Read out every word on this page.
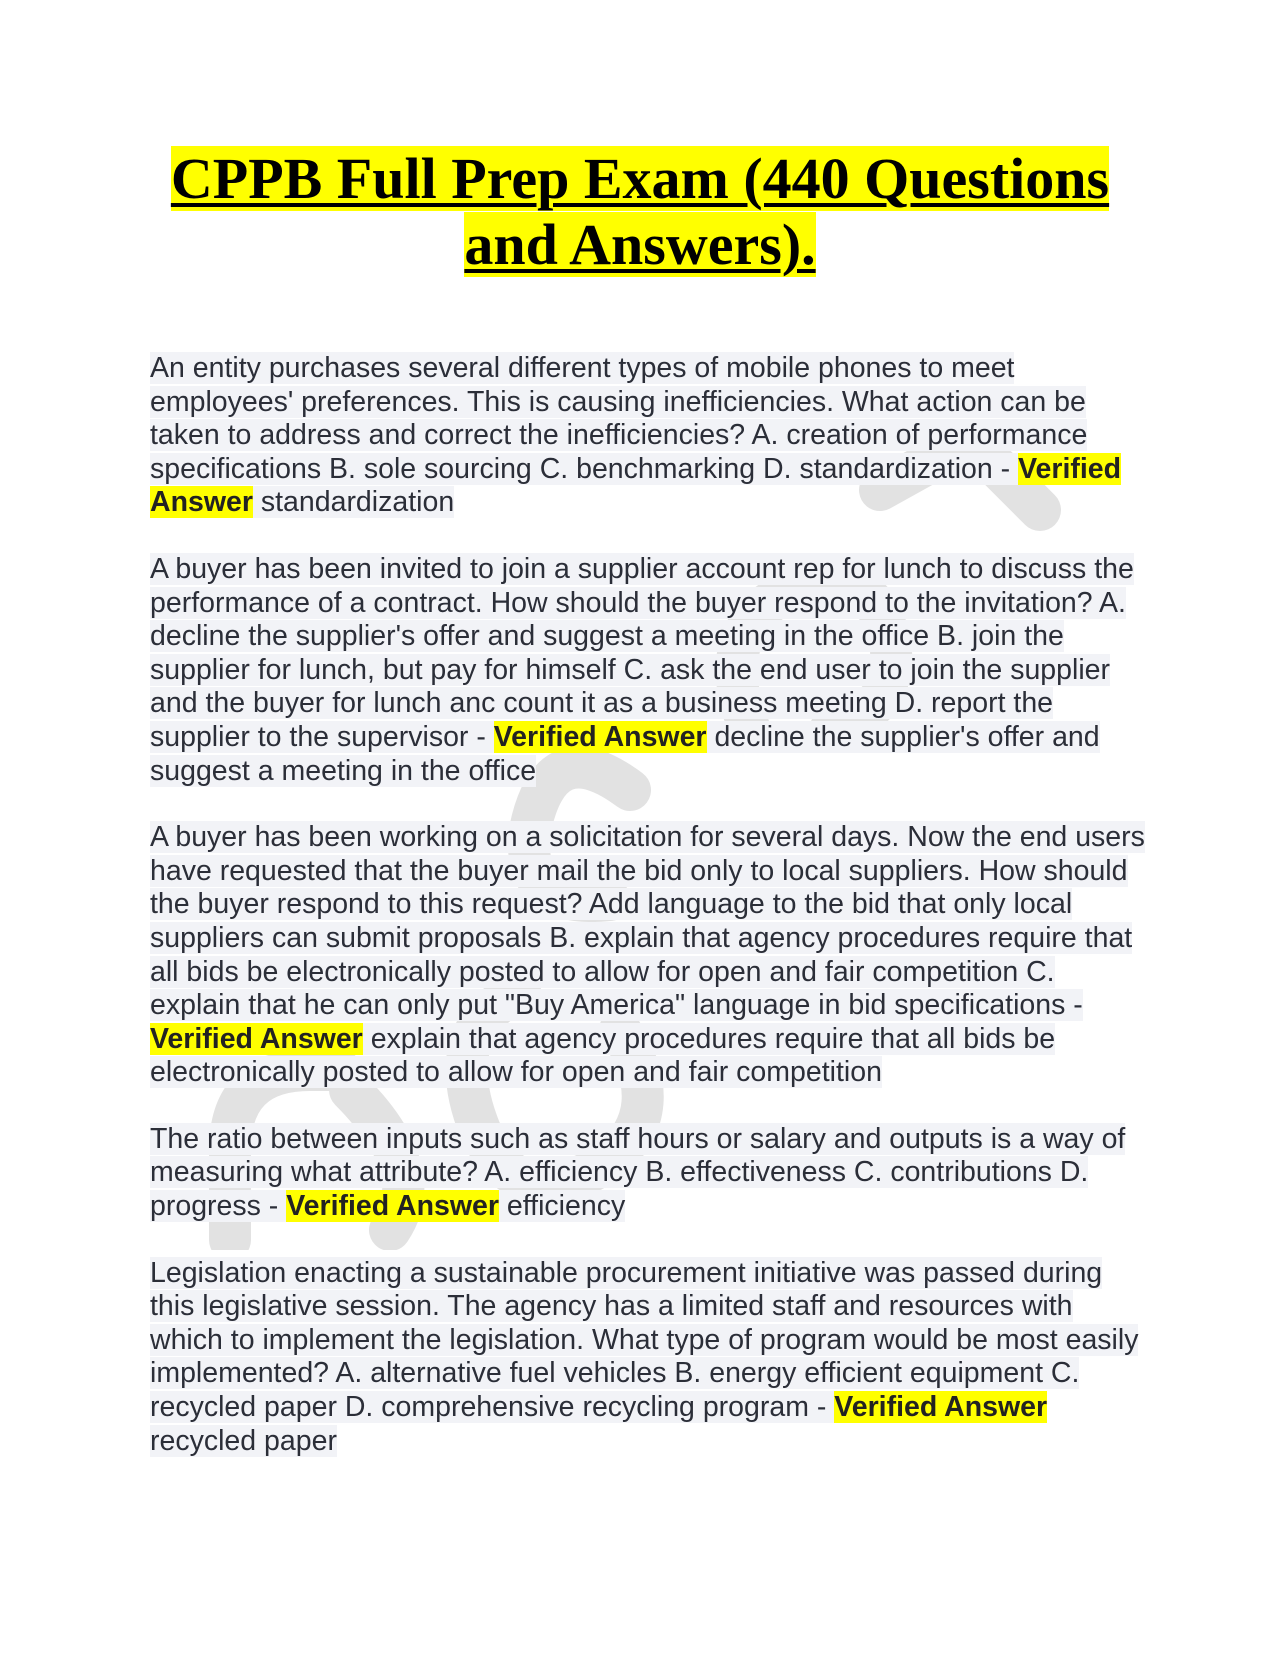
CPPB Full Prep Exam (440 Questions
and Answers).

An entity purchases several different types of mobile phones to meet employees' preferences. This is causing inefficiencies. What action can be taken to address and correct the inefficiencies? A. creation of performance specifications B. sole sourcing C. benchmarking D. standardization - Verified Answer standardization

A buyer has been invited to join a supplier account rep for lunch to discuss the performance of a contract. How should the buyer respond to the invitation? A. decline the supplier's offer and suggest a meeting in the office B. join the supplier for lunch, but pay for himself C. ask the end user to join the supplier and the buyer for lunch anc count it as a business meeting D. report the supplier to the supervisor - Verified Answer decline the supplier's offer and suggest a meeting in the office

A buyer has been working on a solicitation for several days. Now the end users have requested that the buyer mail the bid only to local suppliers. How should the buyer respond to this request? Add language to the bid that only local suppliers can submit proposals B. explain that agency procedures require that all bids be electronically posted to allow for open and fair competition C. explain that he can only put "Buy America" language in bid specifications - Verified Answer explain that agency procedures require that all bids be electronically posted to allow for open and fair competition

The ratio between inputs such as staff hours or salary and outputs is a way of measuring what attribute? A. efficiency B. effectiveness C. contributions D. progress - Verified Answer efficiency

Legislation enacting a sustainable procurement initiative was passed during this legislative session. The agency has a limited staff and resources with which to implement the legislation. What type of program would be most easily implemented? A. alternative fuel vehicles B. energy efficient equipment C. recycled paper D. comprehensive recycling program - Verified Answer recycled paper
